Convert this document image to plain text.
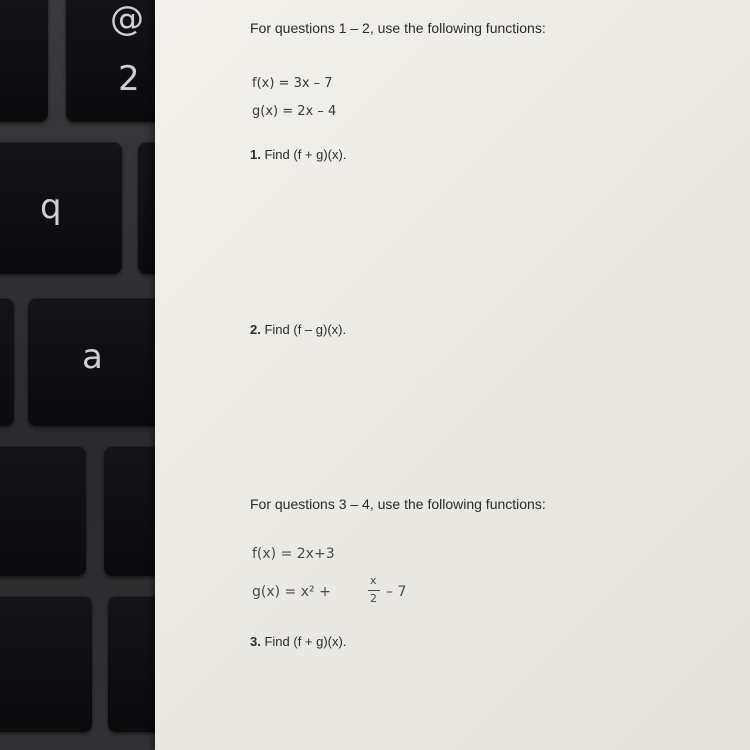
@
2
q
a
For questions 1 – 2, use the following functions:
f(x) = 3x – 7
g(x) = 2x – 4
1. Find (f + g)(x).
2. Find (f – g)(x).
For questions 3 – 4, use the following functions:
f(x) = 2x+3
g(x) = x² +
x
2 – 7
3. Find (f + g)(x).
